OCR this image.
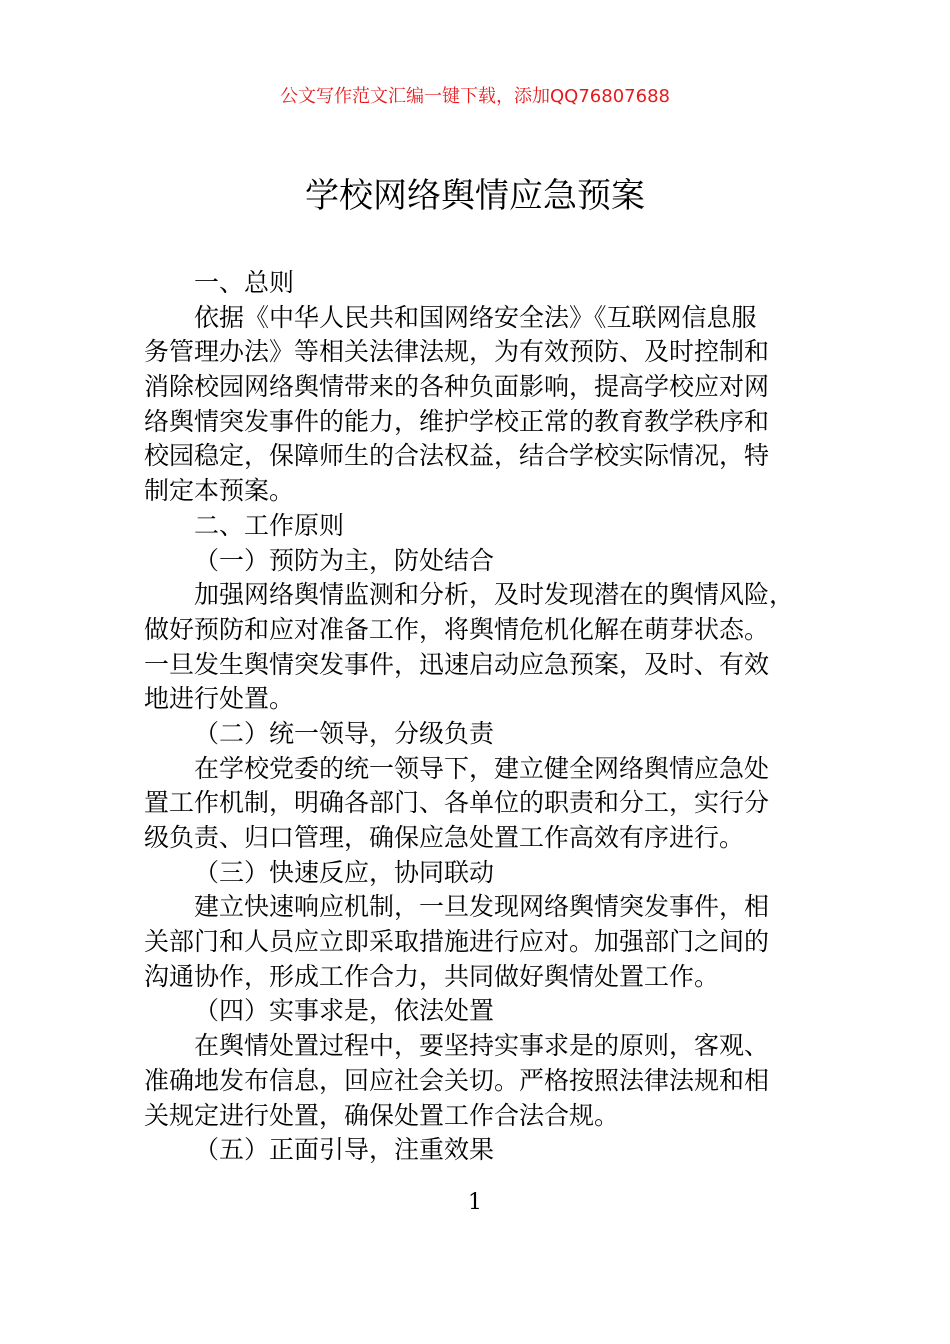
公文写作范文汇编一键下载，添加QQ76807688
学校网络舆情应急预案
一、总则
依据《中华人民共和国网络安全法》《互联网信息服
务管理办法》等相关法律法规，为有效预防、及时控制和
消除校园网络舆情带来的各种负面影响，提高学校应对网
络舆情突发事件的能力，维护学校正常的教育教学秩序和
校园稳定，保障师生的合法权益，结合学校实际情况，特
制定本预案。
二、工作原则
（一）预防为主，防处结合
加强网络舆情监测和分析，及时发现潜在的舆情风险，
做好预防和应对准备工作，将舆情危机化解在萌芽状态。
一旦发生舆情突发事件，迅速启动应急预案，及时、有效
地进行处置。
（二）统一领导，分级负责
在学校党委的统一领导下，建立健全网络舆情应急处
置工作机制，明确各部门、各单位的职责和分工，实行分
级负责、归口管理，确保应急处置工作高效有序进行。
（三）快速反应，协同联动
建立快速响应机制，一旦发现网络舆情突发事件，相
关部门和人员应立即采取措施进行应对。加强部门之间的
沟通协作，形成工作合力，共同做好舆情处置工作。
（四）实事求是，依法处置
在舆情处置过程中，要坚持实事求是的原则，客观、
准确地发布信息，回应社会关切。严格按照法律法规和相
关规定进行处置，确保处置工作合法合规。
（五）正面引导，注重效果
1
